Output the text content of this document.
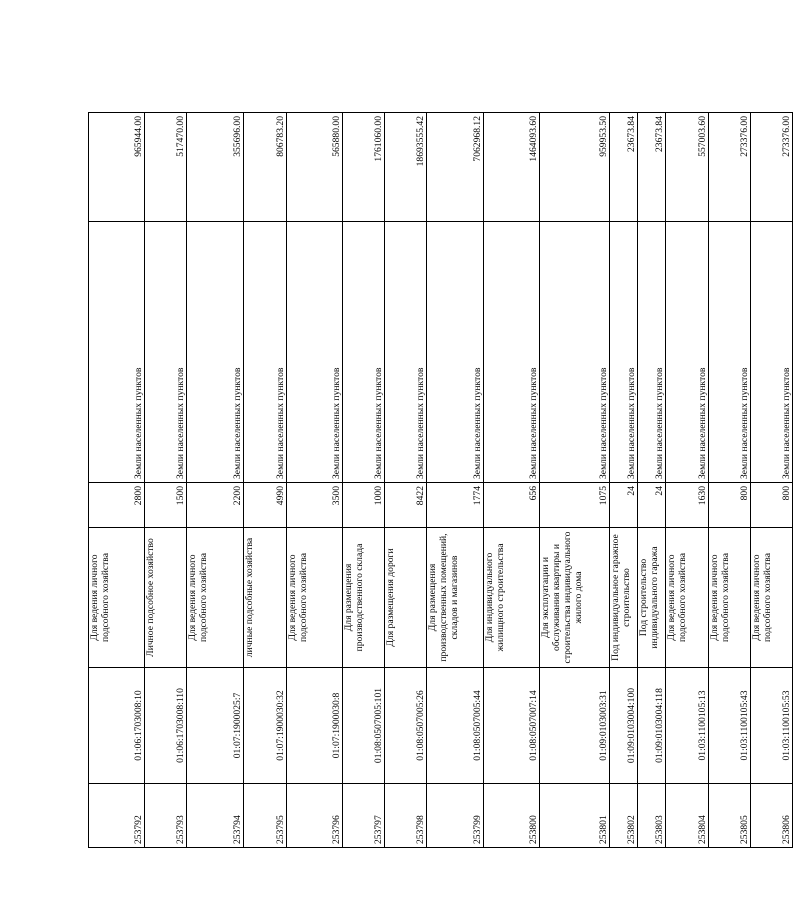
253792	01:06:1703008:10	Для ведения личного подсобного хозяйства	2800	Земли населенных пунктов	965944.00
253793	01:06:1703008:110	Личное подсобное хозяйство	1500	Земли населенных пунктов	517470.00
253794	01:07:1900025:7	Для ведения личного подсобного хозяйства	2200	Земли населенных пунктов	355696.00
253795	01:07:1900030:32	личные подсобные хозяйства	4990	Земли населенных пунктов	806783.20
253796	01:07:1900030:8	Для ведения личного подсобного хозяйства	3500	Земли населенных пунктов	565880.00
253797	01:08:0507005:101	Для размещения производственного склада	1000	Земли населенных пунктов	1761060.00
253798	01:08:0507005:26	Для размещения дороги	8422	Земли населенных пунктов	18693555.42
253799	01:08:0507005:44	Для размещения производственных помещений, складов и магазинов	1774	Земли населенных пунктов	7062968.12
253800	01:08:0507007:14	Для индивидуального жилищного строительства	656	Земли населенных пунктов	1464093.60
253801	01:09:0103003:31	Для эксплуатации и обслуживания квартиры и строительства индивидуального жилого дома	1075	Земли населенных пунктов	959953.50
253802	01:09:0103004:100	Под индивидуальное гаражное строительство	24	Земли населенных пунктов	23673.84
253803	01:09:0103004:118	Под строительство индивидуального гаража	24	Земли населенных пунктов	23673.84
253804	01:03:1100105:13	Для ведения личного подсобного хозяйства	1630	Земли населенных пунктов	557003.60
253805	01:03:1100105:43	Для ведения личного подсобного хозяйства	800	Земли населенных пунктов	273376.00
253806	01:03:1100105:53	Для ведения личного подсобного хозяйства	800	Земли населенных пунктов	273376.00
